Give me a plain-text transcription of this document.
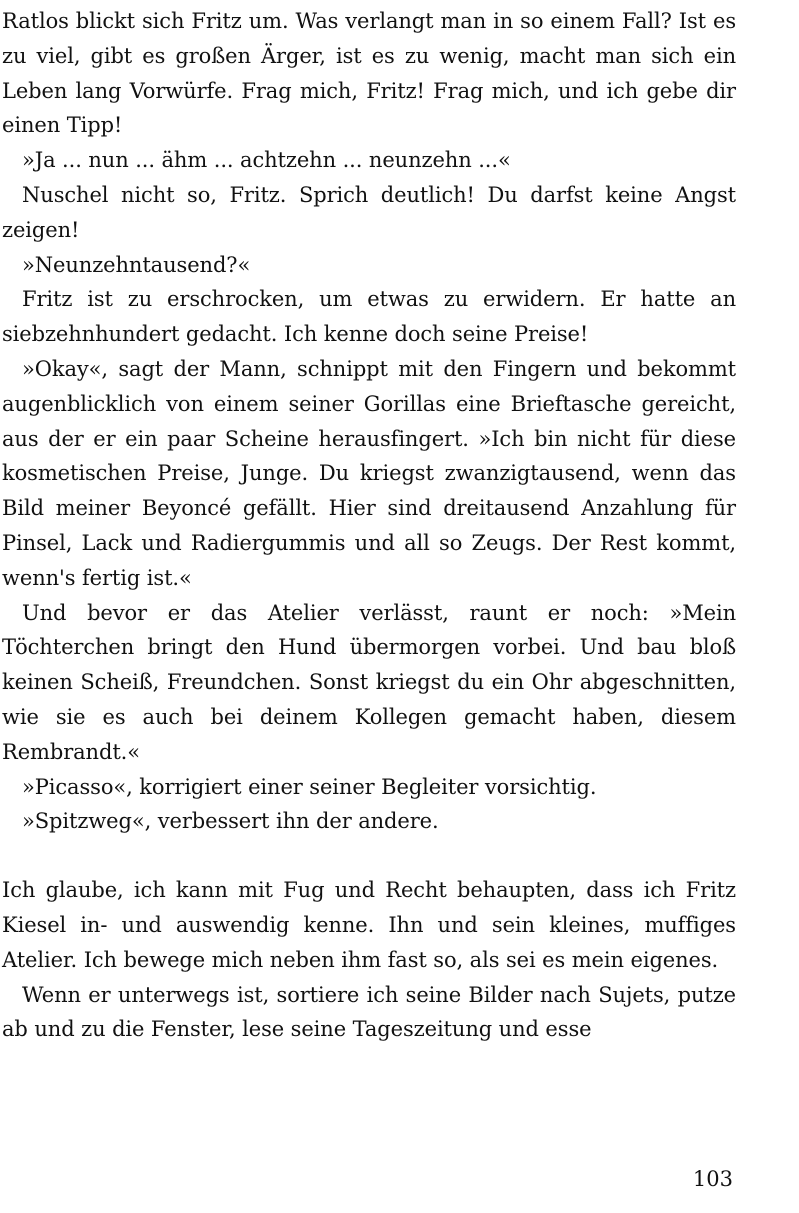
Ratlos blickt sich Fritz um. Was verlangt man in so einem Fall? Ist es zu viel, gibt es großen Ärger, ist es zu wenig, macht man sich ein Leben lang Vorwürfe. Frag mich, Fritz! Frag mich, und ich gebe dir einen Tipp!

»Ja ... nun ... ähm ... achtzehn ... neunzehn ...«

Nuschel nicht so, Fritz. Sprich deutlich! Du darfst keine Angst zeigen!

»Neunzehntausend?«

Fritz ist zu erschrocken, um etwas zu erwidern. Er hatte an siebzehnhundert gedacht. Ich kenne doch seine Preise!

»Okay«, sagt der Mann, schnippt mit den Fingern und bekommt augenblicklich von einem seiner Gorillas eine Brieftasche gereicht, aus der er ein paar Scheine herausfingert. »Ich bin nicht für diese kosmetischen Preise, Junge. Du kriegst zwanzigtausend, wenn das Bild meiner Beyoncé gefällt. Hier sind dreitausend Anzahlung für Pinsel, Lack und Radiergummis und all so Zeugs. Der Rest kommt, wenn's fertig ist.«

Und bevor er das Atelier verlässt, raunt er noch: »Mein Töchterchen bringt den Hund übermorgen vorbei. Und bau bloß keinen Scheiß, Freundchen. Sonst kriegst du ein Ohr abgeschnitten, wie sie es auch bei deinem Kollegen gemacht haben, diesem Rembrandt.«

»Picasso«, korrigiert einer seiner Begleiter vorsichtig.

»Spitzweg«, verbessert ihn der andere.

Ich glaube, ich kann mit Fug und Recht behaupten, dass ich Fritz Kiesel in- und auswendig kenne. Ihn und sein kleines, muffiges Atelier. Ich bewege mich neben ihm fast so, als sei es mein eigenes.

Wenn er unterwegs ist, sortiere ich seine Bilder nach Sujets, putze ab und zu die Fenster, lese seine Tageszeitung und esse

103
